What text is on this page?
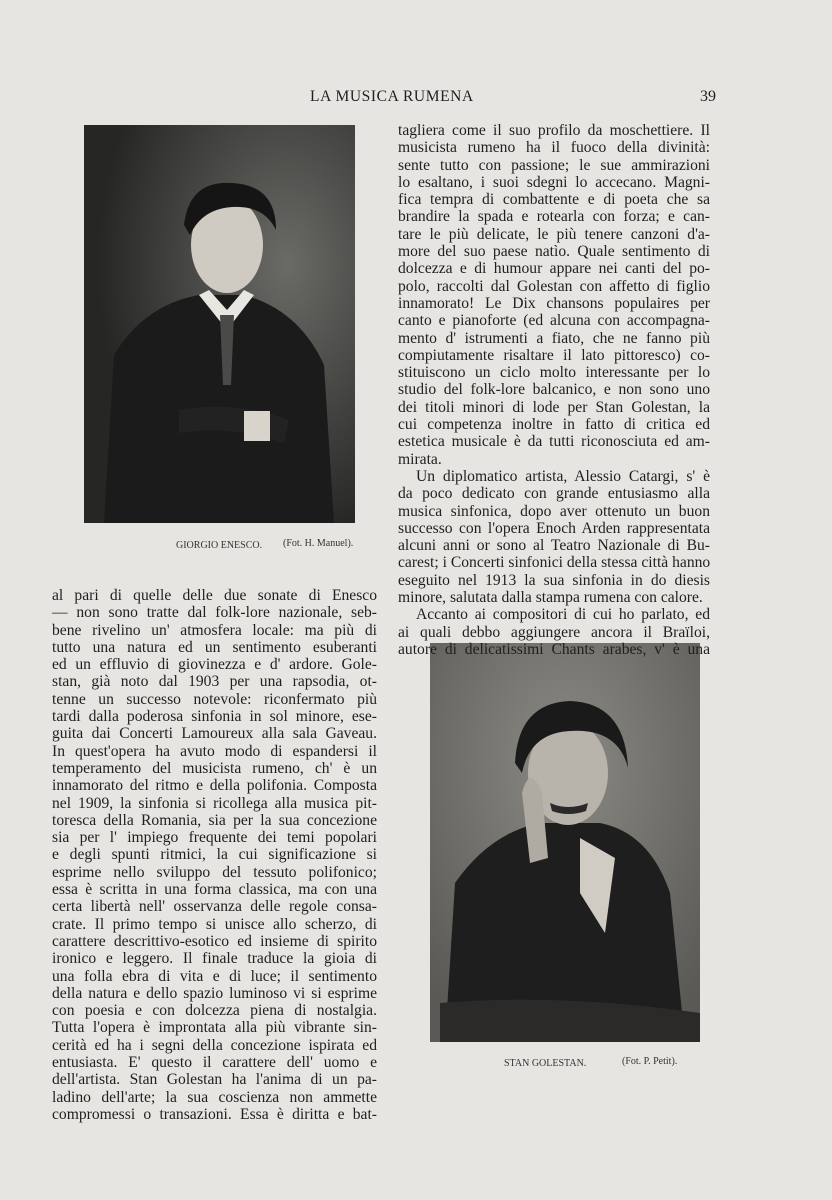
LA MUSICA RUMENA	39
GIORGIO ENESCO. (Fot. H. Manuel).
STAN GOLESTAN.	(Fot. P. Petit).
tagliera come il suo profilo da moschettiere. Il
musicista rumeno ha il fuoco della divinità:
sente tutto con passione; le sue ammirazioni
lo esaltano, i suoi sdegni lo accecano. Magni-
fica tempra di combattente e di poeta che sa
brandire la spada e rotearla con forza; e can-
tare le più delicate, le più tenere canzoni d'a-
more del suo paese natìo. Quale sentimento di
dolcezza e di humour appare nei canti del po-
polo, raccolti dal Golestan con affetto di figlio
innamorato! Le Dix chansons populaires per
canto e pianoforte (ed alcuna con accompagna-
mento d' istrumenti a fiato, che ne fanno più
compiutamente risaltare il lato pittoresco) co-
stituiscono un ciclo molto interessante per lo
studio del folk-lore balcanico, e non sono uno
dei titoli minori di lode per Stan Golestan, la
cui competenza inoltre in fatto di critica ed
estetica musicale è da tutti riconosciuta ed am-
mirata.
Un diplomatico artista, Alessio Catargi, s' è
da poco dedicato con grande entusiasmo alla
musica sinfonica, dopo aver ottenuto un buon
successo con l'opera Enoch Arden rappresentata
alcuni anni or sono al Teatro Nazionale di Bu-
carest; i Concerti sinfonici della stessa città hanno
eseguito nel 1913 la sua sinfonia in do diesis
minore, salutata dalla stampa rumena con calore.
Accanto ai compositori di cui ho parlato, ed
ai quali debbo aggiungere ancora il Braïloi,
autore di delicatissimi Chants arabes, v' è una
al pari di quelle delle due sonate di Enesco
— non sono tratte dal folk-lore nazionale, seb-
bene rivelino un' atmosfera locale: ma più di
tutto una natura ed un sentimento esuberanti
ed un effluvio di giovinezza e d' ardore. Gole-
stan, già noto dal 1903 per una rapsodia, ot-
tenne un successo notevole: riconfermato più
tardi dalla poderosa sinfonia in sol minore, ese-
guita dai Concerti Lamoureux alla sala Gaveau.
In quest'opera ha avuto modo di espandersi il
temperamento del musicista rumeno, ch' è un
innamorato del ritmo e della polifonia. Composta
nel 1909, la sinfonia si ricollega alla musica pit-
toresca della Romania, sia per la sua concezione
sia per l' impiego frequente dei temi popolari
e degli spunti ritmici, la cui significazione si
esprime nello sviluppo del tessuto polifonico;
essa è scritta in una forma classica, ma con una
certa libertà nell' osservanza delle regole consa-
crate. Il primo tempo si unisce allo scherzo, di
carattere descrittivo-esotico ed insieme di spirito
ironico e leggero. Il finale traduce la gioia di
una folla ebra di vita e di luce; il sentimento
della natura e dello spazio luminoso vi si esprime
con poesia e con dolcezza piena di nostalgia.
Tutta l'opera è improntata alla più vibrante sin-
cerità ed ha i segni della concezione ispirata ed
entusiasta. E' questo il carattere dell' uomo e
dell'artista. Stan Golestan ha l'anima di un pa-
ladino dell'arte; la sua coscienza non ammette
compromessi o transazioni. Essa è diritta e bat-
